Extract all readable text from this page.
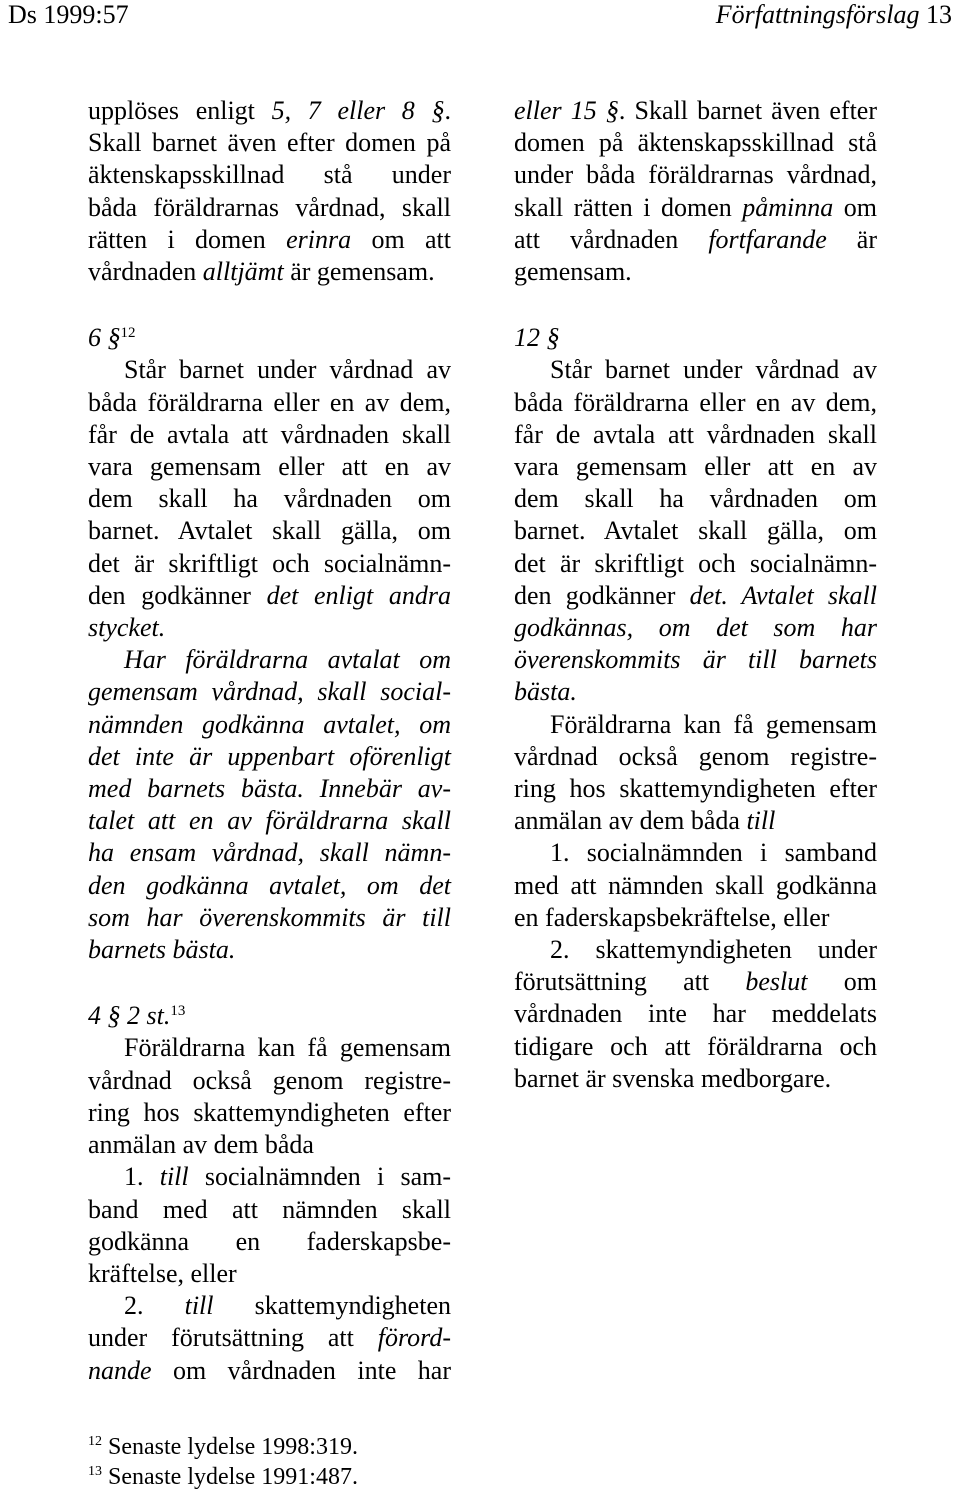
Ds 1999:57	Författningsförslag 13
upplöses enligt 5, 7 eller 8 §.
Skall barnet även efter domen på
äktenskapsskillnad stå under
båda föräldrarnas vårdnad, skall
rätten i domen erinra om att
vårdnaden alltjämt är gemensam.
6 §$^{12}$
Står barnet under vårdnad av
båda föräldrarna eller en av dem,
får de avtala att vårdnaden skall
vara gemensam eller att en av
dem skall ha vårdnaden om
barnet. Avtalet skall gälla, om
det är skriftligt och socialnämn-
den godkänner det enligt andra
stycket.
Har föräldrarna avtalat om
gemensam vårdnad, skall social-
nämnden godkänna avtalet, om
det inte är uppenbart oförenligt
med barnets bästa. Innebär av-
talet att en av föräldrarna skall
ha ensam vårdnad, skall nämn-
den godkänna avtalet, om det
som har överenskommits är till
barnets bästa.
4 § 2 st.$^{13}$
Föräldrarna kan få gemensam
vårdnad också genom registre-
ring hos skattemyndigheten efter
anmälan av dem båda
1. till socialnämnden i sam-
band med att nämnden skall
godkänna en faderskapsbe-
kräftelse, eller
2. till skattemyndigheten
under förutsättning att förord-
nande om vårdnaden inte har
eller 15 §. Skall barnet även efter
domen på äktenskapsskillnad stå
under båda föräldrarnas vårdnad,
skall rätten i domen påminna om
att vårdnaden fortfarande är
gemensam.
12 §
Står barnet under vårdnad av
båda föräldrarna eller en av dem,
får de avtala att vårdnaden skall
vara gemensam eller att en av
dem skall ha vårdnaden om
barnet. Avtalet skall gälla, om
det är skriftligt och socialnämn-
den godkänner det. Avtalet skall
godkännas, om det som har
överenskommits är till barnets
bästa.
Föräldrarna kan få gemensam
vårdnad också genom registre-
ring hos skattemyndigheten efter
anmälan av dem båda till
1. socialnämnden i samband
med att nämnden skall godkänna
en faderskapsbekräftelse, eller
2. skattemyndigheten under
förutsättning att beslut om
vårdnaden inte har meddelats
tidigare och att föräldrarna och
barnet är svenska medborgare.
$^{12}$ Senaste lydelse 1998:319.
$^{13}$ Senaste lydelse 1991:487.
